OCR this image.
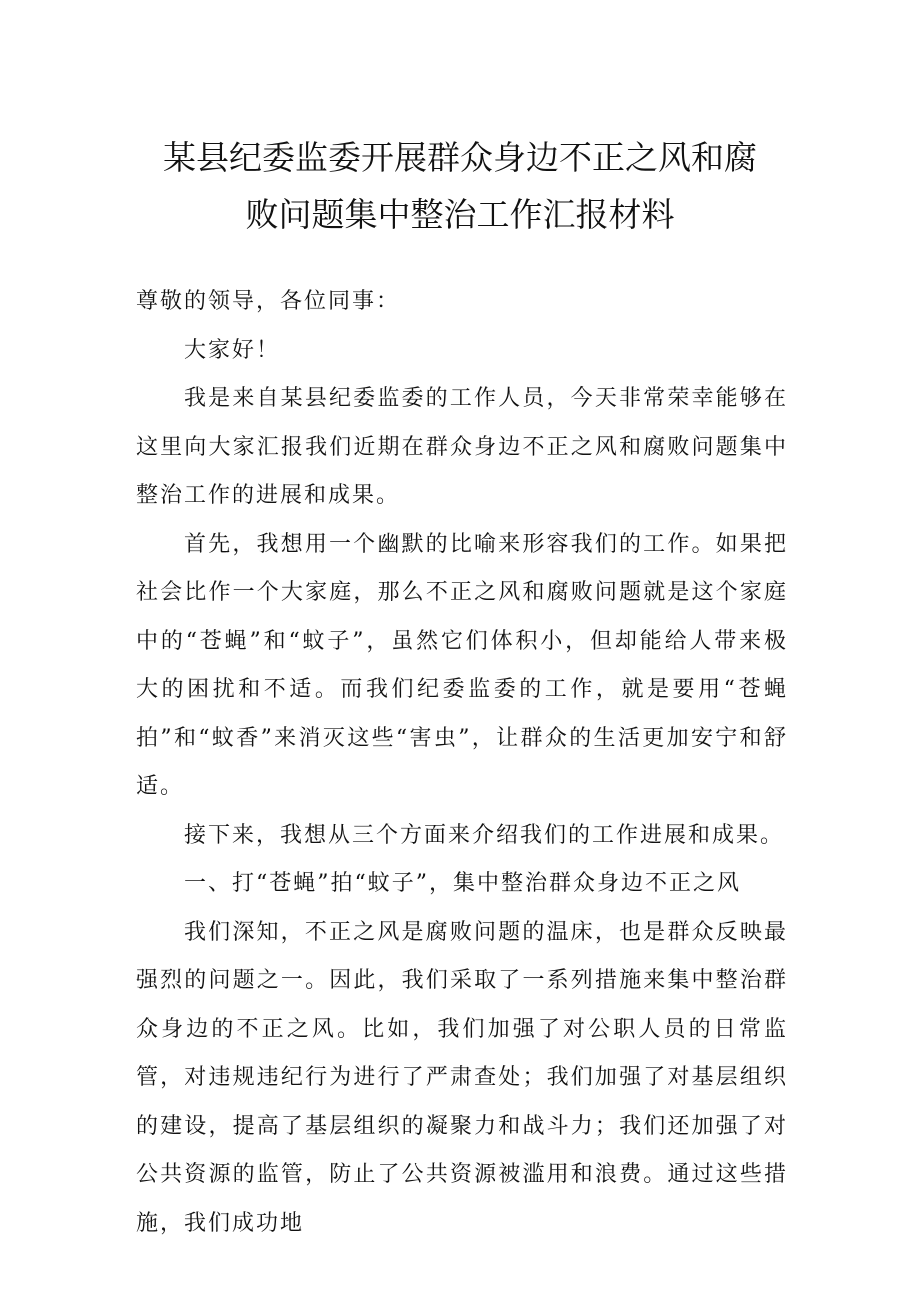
某县纪委监委开展群众身边不正之风和腐
败问题集中整治工作汇报材料

尊敬的领导，各位同事：

大家好！

我是来自某县纪委监委的工作人员，今天非常荣幸能够在这里向大家汇报我们近期在群众身边不正之风和腐败问题集中整治工作的进展和成果。

首先，我想用一个幽默的比喻来形容我们的工作。如果把社会比作一个大家庭，那么不正之风和腐败问题就是这个家庭中的“苍蝇”和“蚊子”，虽然它们体积小，但却能给人带来极大的困扰和不适。而我们纪委监委的工作，就是要用“苍蝇拍”和“蚊香”来消灭这些“害虫”，让群众的生活更加安宁和舒适。

接下来，我想从三个方面来介绍我们的工作进展和成果。

一、打“苍蝇”拍“蚊子”，集中整治群众身边不正之风

我们深知，不正之风是腐败问题的温床，也是群众反映最强烈的问题之一。因此，我们采取了一系列措施来集中整治群众身边的不正之风。比如，我们加强了对公职人员的日常监管，对违规违纪行为进行了严肃查处；我们加强了对基层组织的建设，提高了基层组织的凝聚力和战斗力；我们还加强了对公共资源的监管，防止了公共资源被滥用和浪费。通过这些措施，我们成功地
